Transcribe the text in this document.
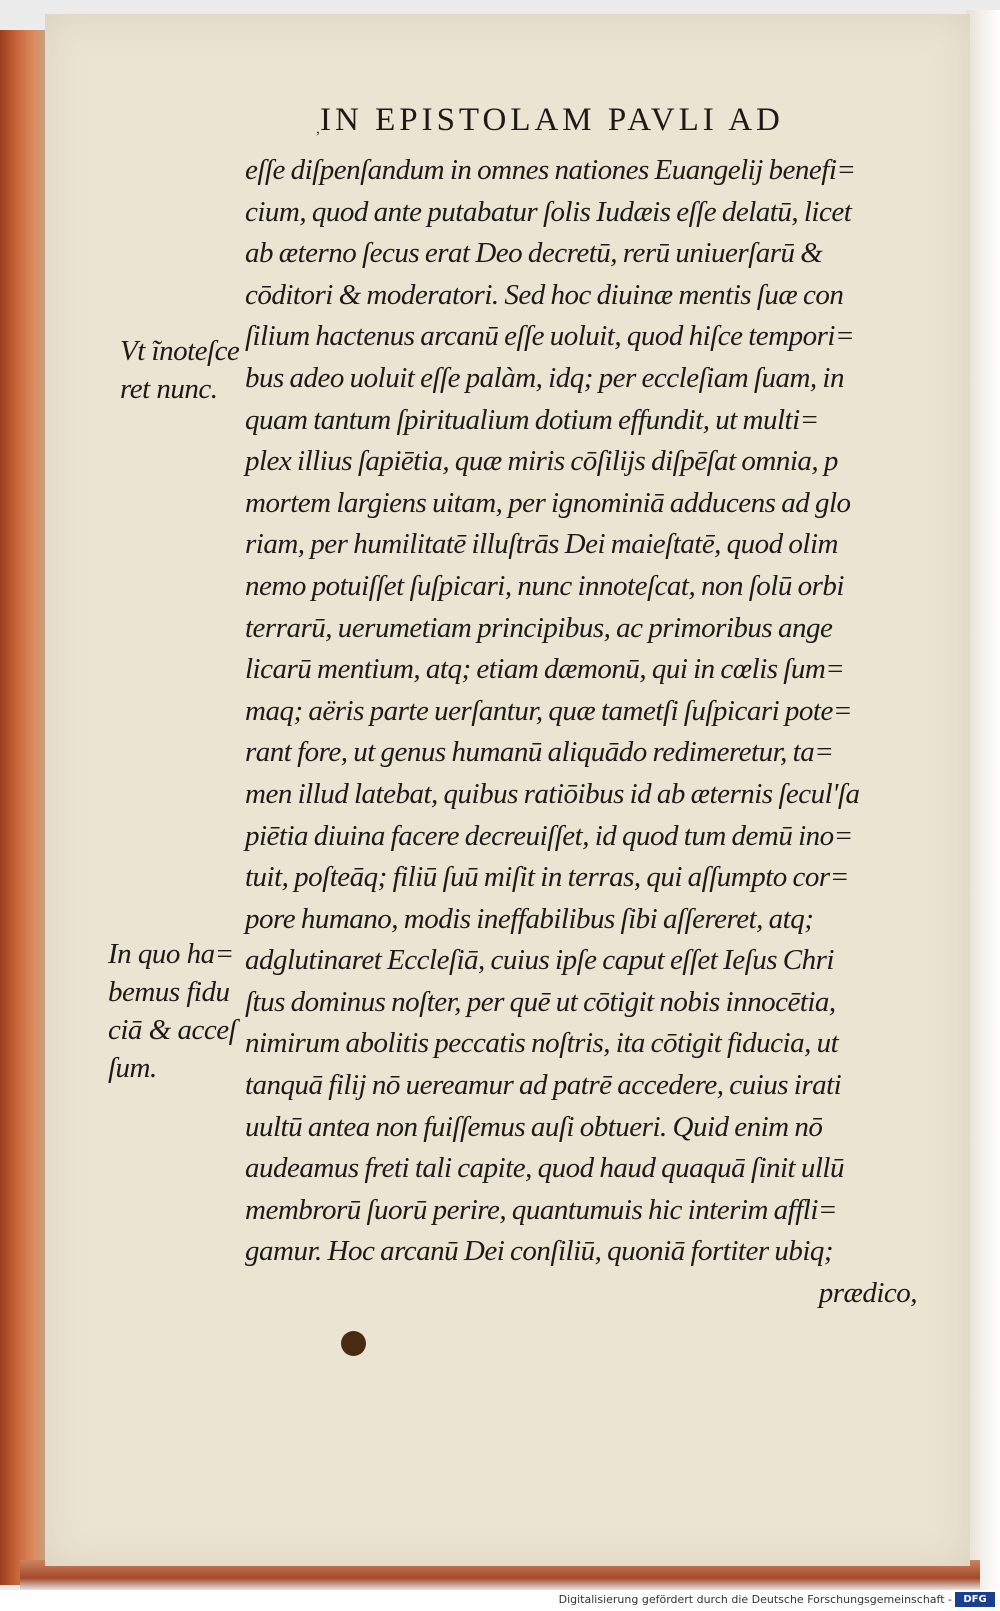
, IN EPISTOLAM PAVLI AD
Vt ĩnoteſce
ret nunc.
In quo ha=
bemus fidu
ciā & acceſ
ſum.
eſſe diſpenſandum in omnes nationes Euangelij benefi=
cium, quod ante putabatur ſolis Iudæis eſſe delatū, licet
ab æterno ſecus erat Deo decretū, rerū uniuerſarū &
cōditori & moderatori. Sed hoc diuinæ mentis ſuæ con
ſilium hactenus arcanū eſſe uoluit, quod hiſce tempori=
bus adeo uoluit eſſe palàm, idq; per eccleſiam ſuam, in
quam tantum ſpiritualium dotium effundit, ut multi=
plex illius ſapiētia, quæ miris cōſilijs diſpēſat omnia, p
mortem largiens uitam, per ignominiā adducens ad glo
riam, per humilitatē illuſtrās Dei maieſtatē, quod olim
nemo potuiſſet ſuſpicari, nunc innoteſcat, non ſolū orbi
terrarū, uerumetiam principibus, ac primoribus ange
licarū mentium, atq; etiam dæmonū, qui in cœlis ſum=
maq; aëris parte uerſantur, quæ tametſi ſuſpicari pote=
rant fore, ut genus humanū aliquādo redimeretur, ta=
men illud latebat, quibus ratiōibus id ab æternis ſecul'ſa
piētia diuina facere decreuiſſet, id quod tum demū ino=
tuit, poſteāq; filiū ſuū miſit in terras, qui aſſumpto cor=
pore humano, modis ineffabilibus ſibi aſſereret, atq;
adglutinaret Eccleſiā, cuius ipſe caput eſſet Ieſus Chri
ſtus dominus noſter, per quē ut cōtigit nobis innocētia,
nimirum abolitis peccatis noſtris, ita cōtigit fiducia, ut
tanquā filij nō uereamur ad patrē accedere, cuius irati
uultū antea non fuiſſemus auſi obtueri. Quid enim nō
audeamus freti tali capite, quod haud quaquā ſinit ullū
membrorū ſuorū perire, quantumuis hic interim affli=
gamur. Hoc arcanū Dei conſiliū, quoniā fortiter ubiq;
prædico,
Digitalisierung gefördert durch die Deutsche Forschungsgemeinschaft -	DFG
